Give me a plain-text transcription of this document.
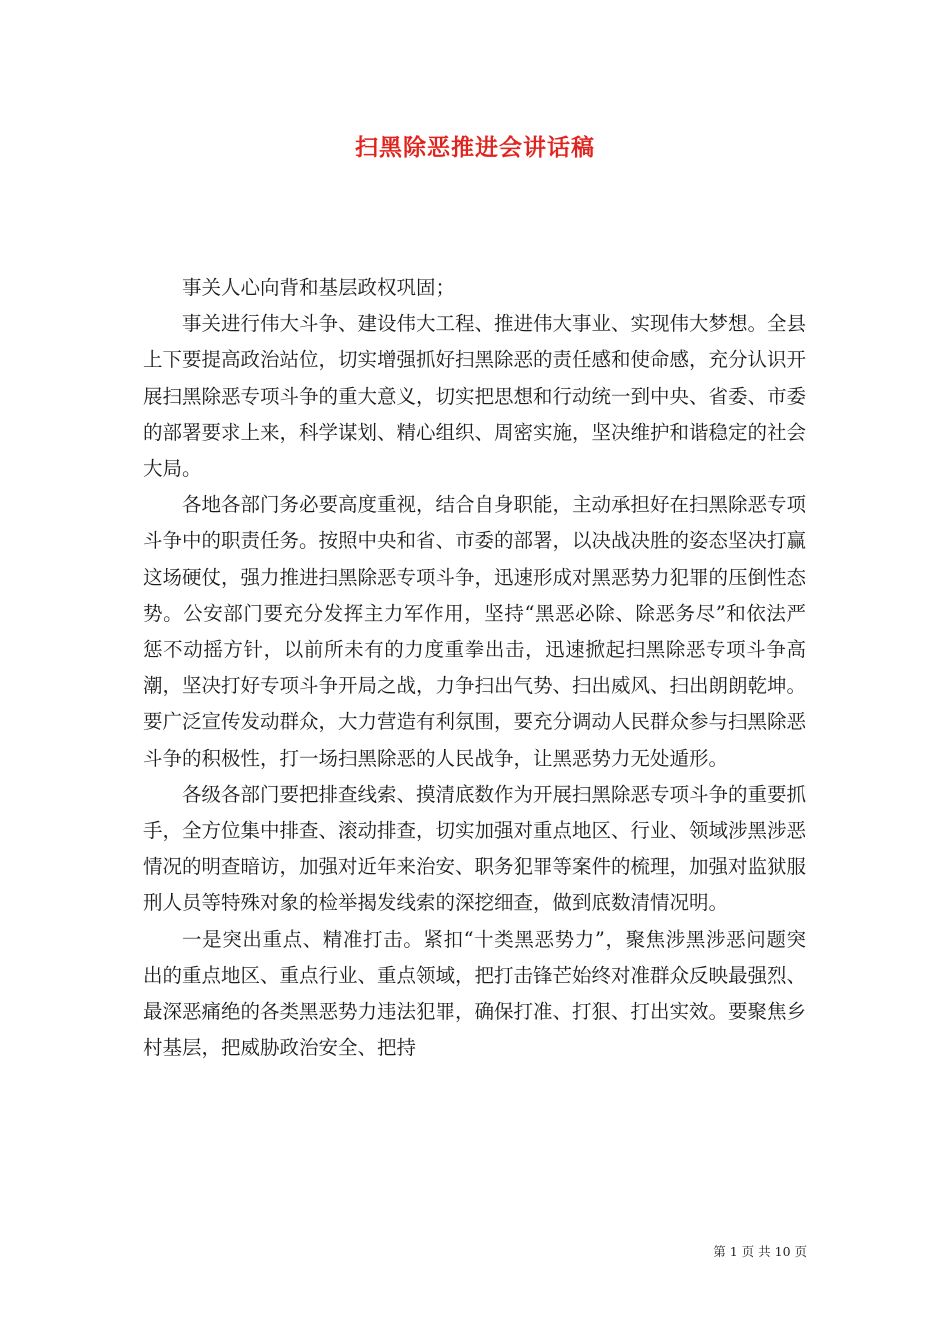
扫黑除恶推进会讲话稿

事关人心向背和基层政权巩固；

事关进行伟大斗争、建设伟大工程、推进伟大事业、实现伟大梦想。全县上下要提高政治站位，切实增强抓好扫黑除恶的责任感和使命感，充分认识开展扫黑除恶专项斗争的重大意义，切实把思想和行动统一到中央、省委、市委的部署要求上来，科学谋划、精心组织、周密实施，坚决维护和谐稳定的社会大局。

各地各部门务必要高度重视，结合自身职能，主动承担好在扫黑除恶专项斗争中的职责任务。按照中央和省、市委的部署，以决战决胜的姿态坚决打赢这场硬仗，强力推进扫黑除恶专项斗争，迅速形成对黑恶势力犯罪的压倒性态势。公安部门要充分发挥主力军作用，坚持“黑恶必除、除恶务尽”和依法严惩不动摇方针，以前所未有的力度重拳出击，迅速掀起扫黑除恶专项斗争高潮，坚决打好专项斗争开局之战，力争扫出气势、扫出威风、扫出朗朗乾坤。要广泛宣传发动群众，大力营造有利氛围，要充分调动人民群众参与扫黑除恶斗争的积极性，打一场扫黑除恶的人民战争，让黑恶势力无处遁形。

各级各部门要把排查线索、摸清底数作为开展扫黑除恶专项斗争的重要抓手，全方位集中排查、滚动排查，切实加强对重点地区、行业、领域涉黑涉恶情况的明查暗访，加强对近年来治安、职务犯罪等案件的梳理，加强对监狱服刑人员等特殊对象的检举揭发线索的深挖细查，做到底数清情况明。

一是突出重点、精准打击。紧扣“十类黑恶势力”，聚焦涉黑涉恶问题突出的重点地区、重点行业、重点领域，把打击锋芒始终对准群众反映最强烈、最深恶痛绝的各类黑恶势力违法犯罪，确保打准、打狠、打出实效。要聚焦乡村基层，把威胁政治安全、把持

第 1 页 共 10 页
